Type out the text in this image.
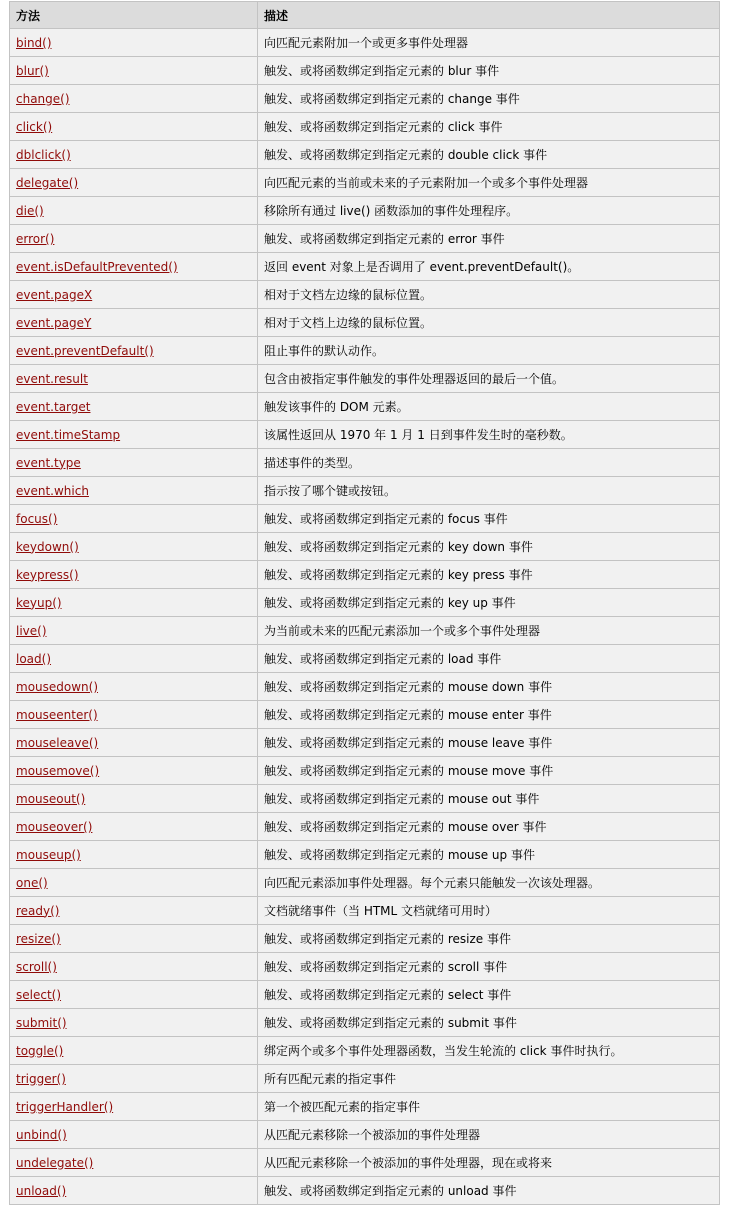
方法	描述
bind()	向匹配元素附加一个或更多事件处理器
blur()	触发、或将函数绑定到指定元素的 blur 事件
change()	触发、或将函数绑定到指定元素的 change 事件
click()	触发、或将函数绑定到指定元素的 click 事件
dblclick()	触发、或将函数绑定到指定元素的 double click 事件
delegate()	向匹配元素的当前或未来的子元素附加一个或多个事件处理器
die()	移除所有通过 live() 函数添加的事件处理程序。
error()	触发、或将函数绑定到指定元素的 error 事件
event.isDefaultPrevented()	返回 event 对象上是否调用了 event.preventDefault()。
event.pageX	相对于文档左边缘的鼠标位置。
event.pageY	相对于文档上边缘的鼠标位置。
event.preventDefault()	阻止事件的默认动作。
event.result	包含由被指定事件触发的事件处理器返回的最后一个值。
event.target	触发该事件的 DOM 元素。
event.timeStamp	该属性返回从 1970 年 1 月 1 日到事件发生时的毫秒数。
event.type	描述事件的类型。
event.which	指示按了哪个键或按钮。
focus()	触发、或将函数绑定到指定元素的 focus 事件
keydown()	触发、或将函数绑定到指定元素的 key down 事件
keypress()	触发、或将函数绑定到指定元素的 key press 事件
keyup()	触发、或将函数绑定到指定元素的 key up 事件
live()	为当前或未来的匹配元素添加一个或多个事件处理器
load()	触发、或将函数绑定到指定元素的 load 事件
mousedown()	触发、或将函数绑定到指定元素的 mouse down 事件
mouseenter()	触发、或将函数绑定到指定元素的 mouse enter 事件
mouseleave()	触发、或将函数绑定到指定元素的 mouse leave 事件
mousemove()	触发、或将函数绑定到指定元素的 mouse move 事件
mouseout()	触发、或将函数绑定到指定元素的 mouse out 事件
mouseover()	触发、或将函数绑定到指定元素的 mouse over 事件
mouseup()	触发、或将函数绑定到指定元素的 mouse up 事件
one()	向匹配元素添加事件处理器。每个元素只能触发一次该处理器。
ready()	文档就绪事件（当 HTML 文档就绪可用时）
resize()	触发、或将函数绑定到指定元素的 resize 事件
scroll()	触发、或将函数绑定到指定元素的 scroll 事件
select()	触发、或将函数绑定到指定元素的 select 事件
submit()	触发、或将函数绑定到指定元素的 submit 事件
toggle()	绑定两个或多个事件处理器函数，当发生轮流的 click 事件时执行。
trigger()	所有匹配元素的指定事件
triggerHandler()	第一个被匹配元素的指定事件
unbind()	从匹配元素移除一个被添加的事件处理器
undelegate()	从匹配元素移除一个被添加的事件处理器，现在或将来
unload()	触发、或将函数绑定到指定元素的 unload 事件
